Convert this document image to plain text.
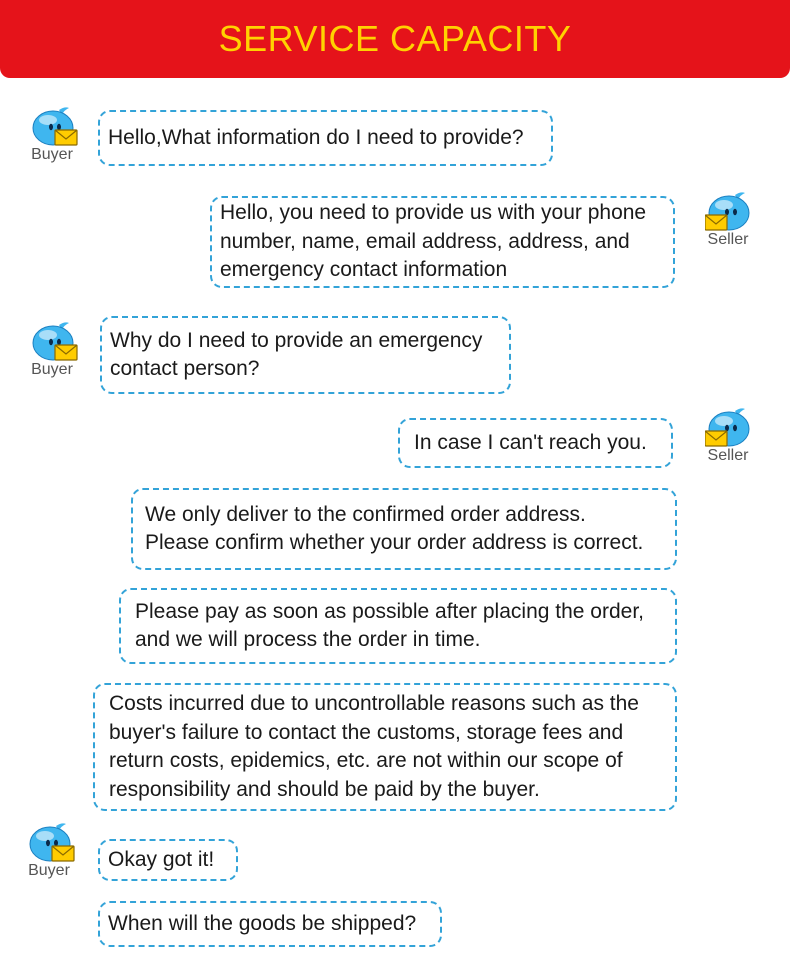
SERVICE CAPACITY
Buyer
Seller
Buyer
Seller
Buyer
Hello,What information do I need to provide?
Hello, you need to provide us with your phone
number, name, email address, address, and
emergency contact information
Why do I need to provide an emergency
contact person?
In case I can't reach you.
We only deliver to the confirmed order address.
Please confirm whether your order address is correct.
Please pay as soon as possible after placing the order,
and we will process the order in time.
Costs incurred due to uncontrollable reasons such as the
buyer's failure to contact the customs, storage fees and
return costs, epidemics, etc. are not within our scope of
responsibility and should be paid by the buyer.
Okay got it!
When will the goods be shipped?
